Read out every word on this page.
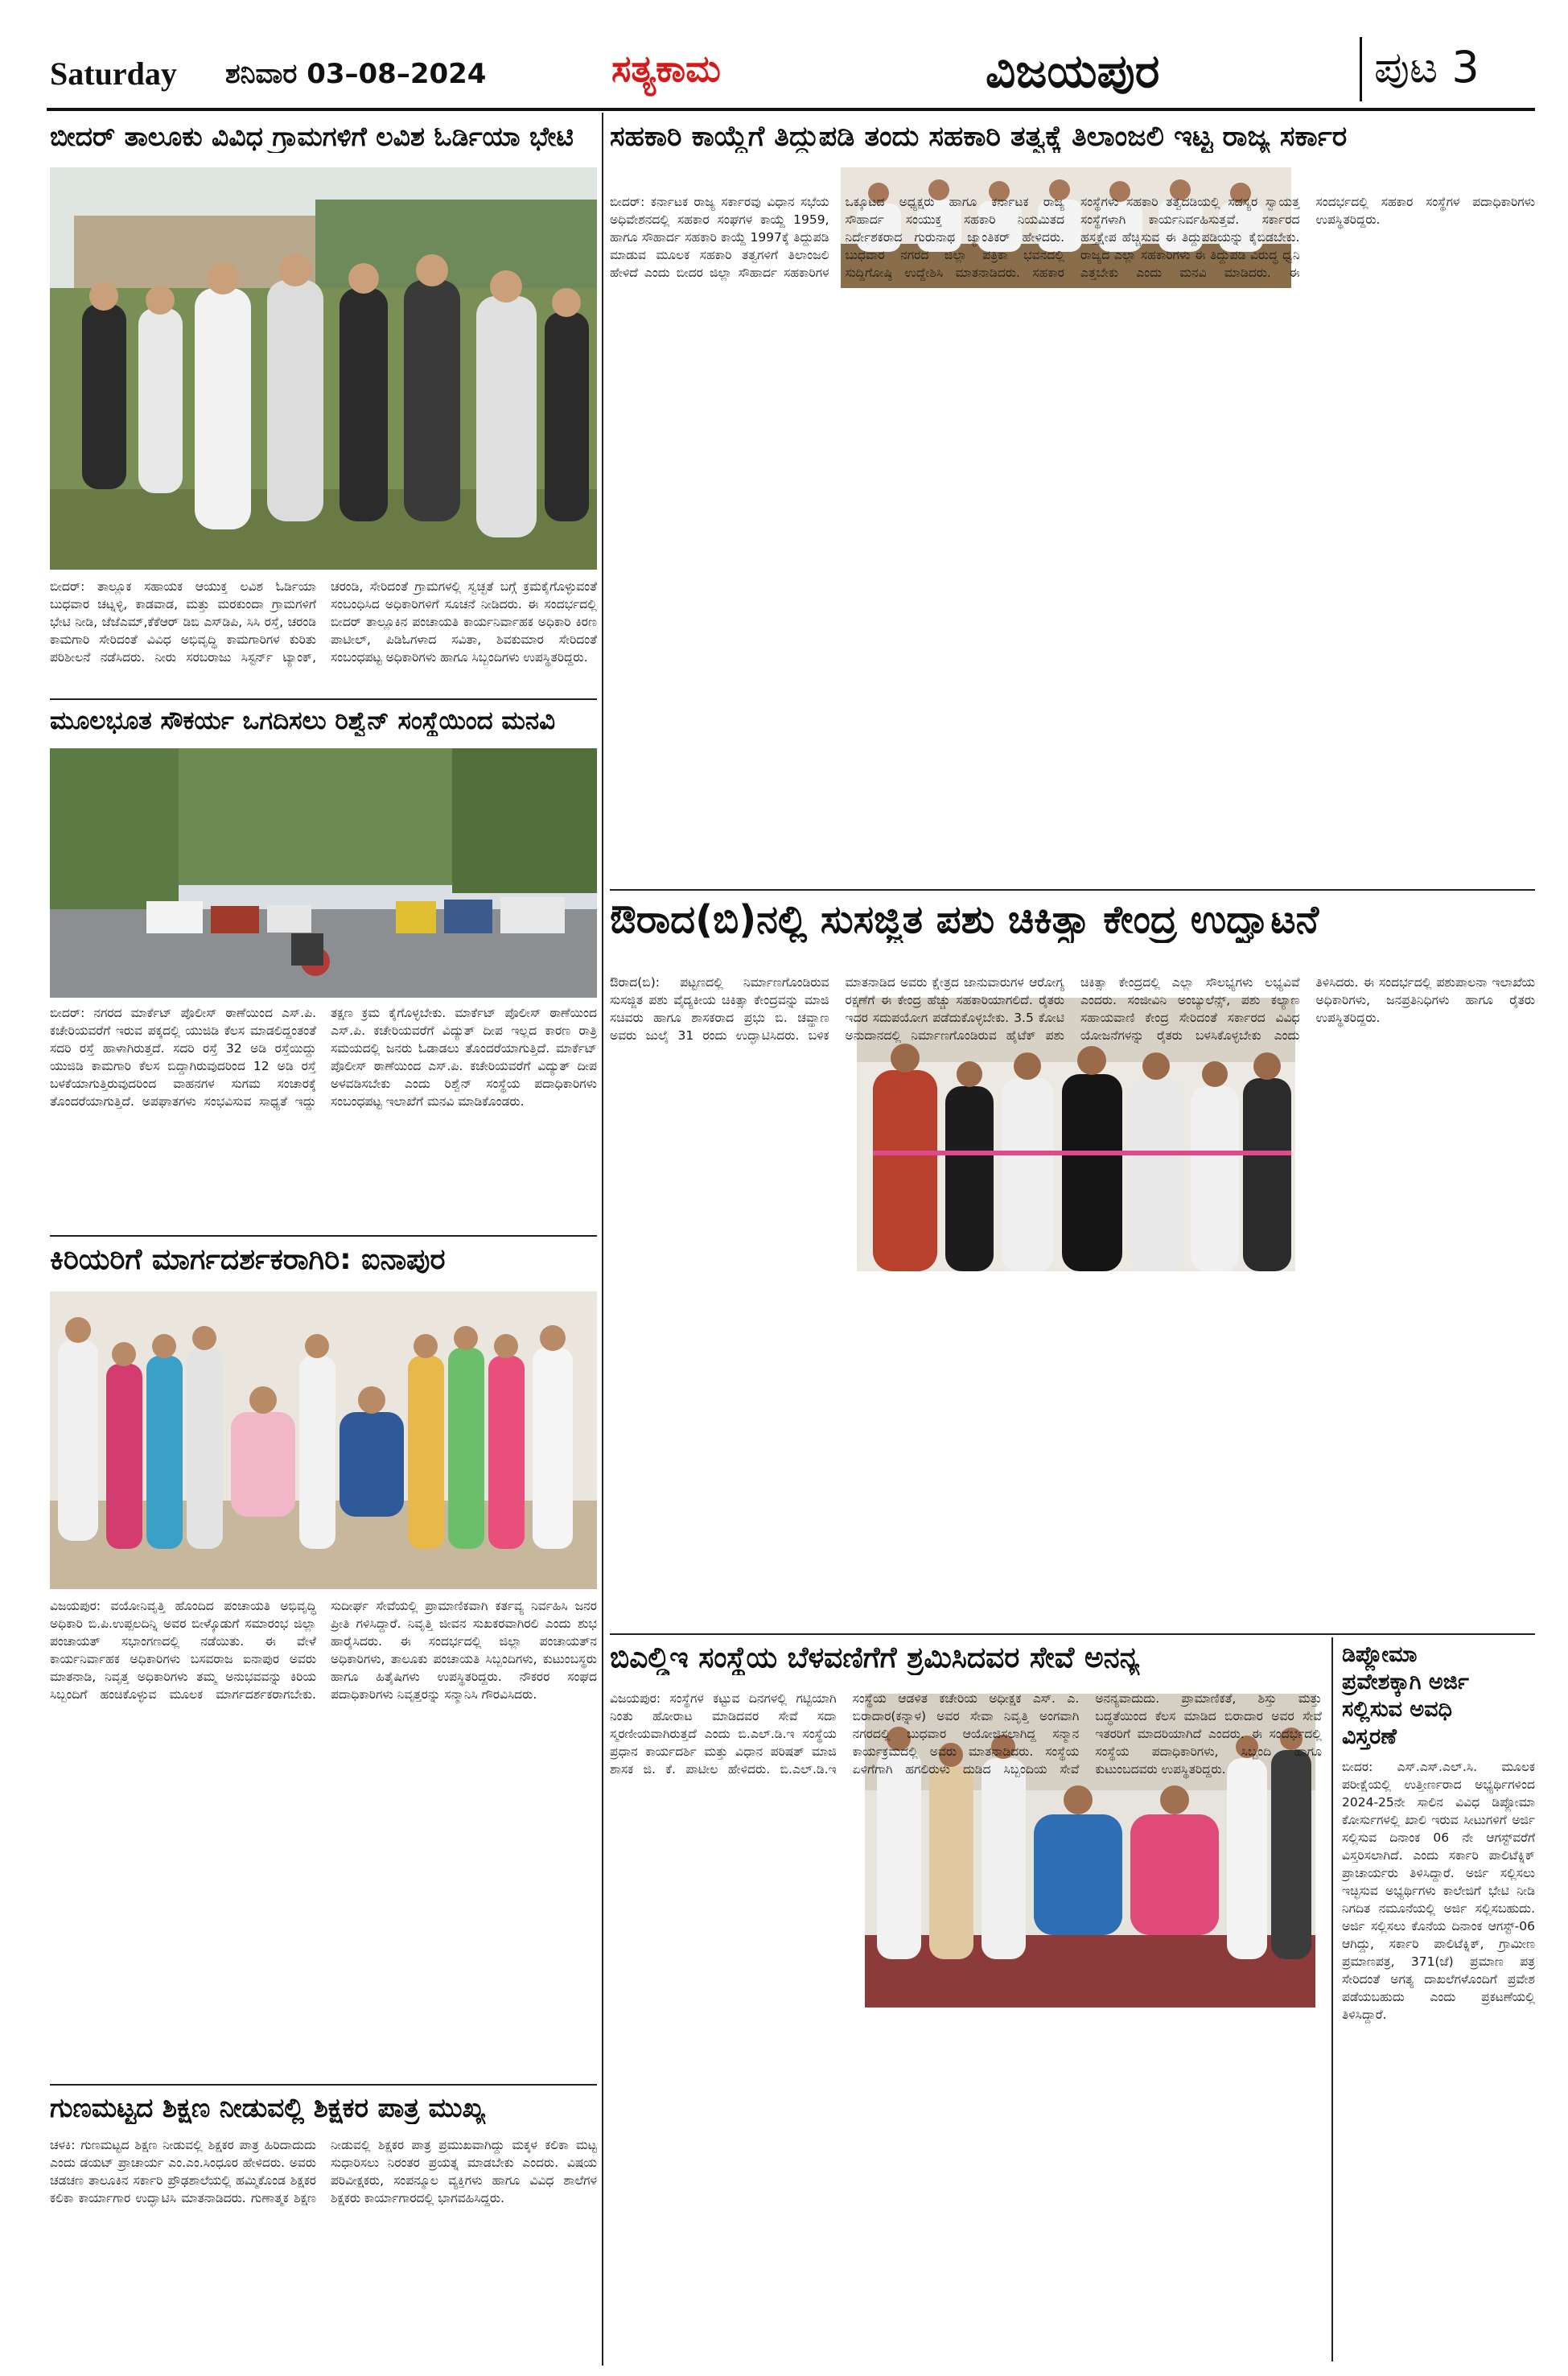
Saturday ಶನಿವಾರ 03–08–2024	ಸತ್ಯಕಾಮ	ವಿಜಯಪುರ	ಪುಟ 3
ಬೀದರ್ ತಾಲೂಕು ವಿವಿಧ ಗ್ರಾಮಗಳಿಗೆ ಲವಿಶ ಓರ್ಡಿಯಾ ಭೇಟಿ
ಬೀದರ್: ತಾಲ್ಲೂಕ ಸಹಾಯಕ ಆಯುಕ್ತ ಲವಿಶ ಓರ್ಡಿಯಾ ಬುಧವಾರ ಚಟ್ನಳ್ಳಿ, ಕಾಡವಾಡ, ಮತ್ತು ಮರಕುಂದಾ ಗ್ರಾಮಗಳಿಗೆ ಭೇಟಿ ನೀಡಿ, ಜೆಜೆಎಮ್,ಕೆಕೆಆರ್ ಡಿಬಿ ಎಸ್‌ಡಿಪಿ, ಸಿಸಿ ರಸ್ತೆ, ಚರಂಡಿ ಕಾಮಗಾರಿ ಸೇರಿದಂತೆ ವಿವಿಧ ಅಭಿವೃದ್ಧಿ ಕಾಮಗಾರಿಗಳ ಕುರಿತು ಪರಿಶೀಲನೆ ನಡೆಸಿದರು. ನೀರು ಸರಬರಾಜು ಸಿಸ್ಟರ್ನ್ ಟ್ಯಾಂಕ್, ಚರಂಡಿ, ಸೇರಿದಂತೆ ಗ್ರಾಮಗಳಲ್ಲಿ ಸ್ವಚ್ಛತೆ ಬಗ್ಗೆ ಕ್ರಮಕೈಗೊಳ್ಳುವಂತೆ ಸಂಬಂಧಿಸಿದ ಅಧಿಕಾರಿಗಳಿಗೆ ಸೂಚನೆ ನೀಡಿದರು. ಈ ಸಂದರ್ಭದಲ್ಲಿ ಬೀದರ್ ತಾಲ್ಲೂಕಿನ ಪಂಚಾಯತಿ ಕಾರ್ಯನಿರ್ವಾಹಕ ಅಧಿಕಾರಿ ಕಿರಣ ಪಾಟೀಲ್, ಪಿಡಿಓಗಳಾದ ಸವಿತಾ, ಶಿವಕುಮಾರ ಸೇರಿದಂತೆ ಸಂಬಂಧಪಟ್ಟ ಅಧಿಕಾರಿಗಳು ಹಾಗೂ ಸಿಬ್ಬಂದಿಗಳು ಉಪಸ್ಥಿತರಿದ್ದರು.
ಮೂಲಭೂತ ಸೌಕರ್ಯ ಒಗದಿಸಲು ರಿಶ್ವೆನ್ ಸಂಸ್ಥೆಯಿಂದ ಮನವಿ
ಬೀದರ್: ನಗರದ ಮಾರ್ಕೆಟ್ ಪೊಲೀಸ್ ಠಾಣೆಯಿಂದ ಎಸ್.ಪಿ. ಕಚೇರಿಯವರೆಗೆ ಇರುವ ಪಕ್ಕದಲ್ಲಿ ಯುಜಿಡಿ ಕೆಲಸ ಮಾಡಲಿದ್ದಂತಂತೆ ಸದರಿ ರಸ್ತೆ ಹಾಳಾಗಿರುತ್ತದೆ. ಸದರಿ ರಸ್ತೆ 32 ಅಡಿ ರಸ್ತೆಯಿದ್ದು ಯುಜಿಡಿ ಕಾಮಗಾರಿ ಕೆಲಸ ಬಿದ್ದಾಗಿರುವುದರಿಂದ 12 ಅಡಿ ರಸ್ತೆ ಬಳಕೆಯಾಗುತ್ತಿರುವುದರಿಂದ ವಾಹನಗಳ ಸುಗಮ ಸಂಚಾರಕ್ಕೆ ತೊಂದರೆಯಾಗುತ್ತಿದೆ. ಅಪಘಾತಗಳು ಸಂಭವಿಸುವ ಸಾಧ್ಯತೆ ಇದ್ದು ತಕ್ಷಣ ಕ್ರಮ ಕೈಗೊಳ್ಳಬೇಕು. ಮಾರ್ಕೆಟ್ ಪೊಲೀಸ್ ಠಾಣೆಯಿಂದ ಎಸ್.ಪಿ. ಕಚೇರಿಯವರೆಗೆ ವಿದ್ಯುತ್ ದೀಪ ಇಲ್ಲದ ಕಾರಣ ರಾತ್ರಿ ಸಮಯದಲ್ಲಿ ಜನರು ಓಡಾಡಲು ತೊಂದರೆಯಾಗುತ್ತಿದೆ. ಮಾರ್ಕೆಟ್ ಪೊಲೀಸ್ ಠಾಣೆಯಿಂದ ಎಸ್.ಪಿ. ಕಚೇರಿಯವರೆಗೆ ವಿದ್ಯುತ್ ದೀಪ ಅಳವಡಿಸಬೇಕು ಎಂದು ರಿಶ್ವೆನ್ ಸಂಸ್ಥೆಯ ಪದಾಧಿಕಾರಿಗಳು ಸಂಬಂಧಪಟ್ಟ ಇಲಾಖೆಗೆ ಮನವಿ ಮಾಡಿಕೊಂಡರು.
ಕಿರಿಯರಿಗೆ ಮಾರ್ಗದರ್ಶಕರಾಗಿರಿ: ಐನಾಪುರ
ವಿಜಯಪುರ: ವಯೋನಿವೃತ್ತಿ ಹೊಂದಿದ ಪಂಚಾಯತಿ ಅಭಿವೃದ್ಧಿ ಅಧಿಕಾರಿ ಬಿ.ಪಿ.ಉಪ್ಪಲದಿನ್ನಿ ಅವರ ಬೀಳ್ಕೊಡುಗೆ ಸಮಾರಂಭ ಜಿಲ್ಲಾ ಪಂಚಾಯತ್ ಸಭಾಂಗಣದಲ್ಲಿ ನಡೆಯಿತು. ಈ ವೇಳೆ ಕಾರ್ಯನಿರ್ವಾಹಕ ಅಧಿಕಾರಿಗಳು ಬಸವರಾಜ ಐನಾಪುರ ಅವರು ಮಾತನಾಡಿ, ನಿವೃತ್ತ ಅಧಿಕಾರಿಗಳು ತಮ್ಮ ಅನುಭವವನ್ನು ಕಿರಿಯ ಸಿಬ್ಬಂದಿಗೆ ಹಂಚಿಕೊಳ್ಳುವ ಮೂಲಕ ಮಾರ್ಗದರ್ಶಕರಾಗಬೇಕು. ಸುದೀರ್ಘ ಸೇವೆಯಲ್ಲಿ ಪ್ರಾಮಾಣಿಕವಾಗಿ ಕರ್ತವ್ಯ ನಿರ್ವಹಿಸಿ ಜನರ ಪ್ರೀತಿ ಗಳಿಸಿದ್ದಾರೆ. ನಿವೃತ್ತಿ ಜೀವನ ಸುಖಕರವಾಗಿರಲಿ ಎಂದು ಶುಭ ಹಾರೈಸಿದರು. ಈ ಸಂದರ್ಭದಲ್ಲಿ ಜಿಲ್ಲಾ ಪಂಚಾಯತ್‌ನ ಅಧಿಕಾರಿಗಳು, ತಾಲೂಕು ಪಂಚಾಯತಿ ಸಿಬ್ಬಂದಿಗಳು, ಕುಟುಂಬಸ್ಥರು ಹಾಗೂ ಹಿತೈಷಿಗಳು ಉಪಸ್ಥಿತರಿದ್ದರು. ನೌಕರರ ಸಂಘದ ಪದಾಧಿಕಾರಿಗಳು ನಿವೃತ್ತರನ್ನು ಸನ್ಮಾನಿಸಿ ಗೌರವಿಸಿದರು.
ಗುಣಮಟ್ಟದ ಶಿಕ್ಷಣ ನೀಡುವಲ್ಲಿ ಶಿಕ್ಷಕರ ಪಾತ್ರ ಮುಖ್ಯ
ಚಳಕಿ: ಗುಣಮಟ್ಟದ ಶಿಕ್ಷಣ ನೀಡುವಲ್ಲಿ ಶಿಕ್ಷಕರ ಪಾತ್ರ ಹಿರಿದಾದುದು ಎಂದು ಡಯಟ್ ಪ್ರಾಚಾರ್ಯ ಎಂ.ಎಂ.ಸಿಂಧೂರ ಹೇಳಿದರು. ಅವರು ಚಡಚಣ ತಾಲೂಕಿನ ಸರ್ಕಾರಿ ಪ್ರೌಢಶಾಲೆಯಲ್ಲಿ ಹಮ್ಮಿಕೊಂಡ ಶಿಕ್ಷಕರ ಕಲಿಕಾ ಕಾರ್ಯಾಗಾರ ಉದ್ಘಾಟಿಸಿ ಮಾತನಾಡಿದರು. ಗುಣಾತ್ಮಕ ಶಿಕ್ಷಣ ನೀಡುವಲ್ಲಿ ಶಿಕ್ಷಕರ ಪಾತ್ರ ಪ್ರಮುಖವಾಗಿದ್ದು ಮಕ್ಕಳ ಕಲಿಕಾ ಮಟ್ಟ ಸುಧಾರಿಸಲು ನಿರಂತರ ಪ್ರಯತ್ನ ಮಾಡಬೇಕು ಎಂದರು. ವಿಷಯ ಪರಿವೀಕ್ಷಕರು, ಸಂಪನ್ಮೂಲ ವ್ಯಕ್ತಿಗಳು ಹಾಗೂ ವಿವಿಧ ಶಾಲೆಗಳ ಶಿಕ್ಷಕರು ಕಾರ್ಯಾಗಾರದಲ್ಲಿ ಭಾಗವಹಿಸಿದ್ದರು.
ಸಹಕಾರಿ ಕಾಯ್ದೆಗೆ ತಿದ್ದುಪಡಿ ತಂದು ಸಹಕಾರಿ ತತ್ವಕ್ಕೆ ತಿಲಾಂಜಲಿ ಇಟ್ಟ ರಾಜ್ಯ ಸರ್ಕಾರ
ಬೀದರ್: ಕರ್ನಾಟಕ ರಾಜ್ಯ ಸರ್ಕಾರವು ವಿಧಾನ ಸಭೆಯ ಅಧಿವೇಶನದಲ್ಲಿ ಸಹಕಾರ ಸಂಘಗಳ ಕಾಯ್ದೆ 1959, ಹಾಗೂ ಸೌಹಾರ್ದ ಸಹಕಾರಿ ಕಾಯ್ದೆ 1997ಕ್ಕೆ ತಿದ್ದುಪಡಿ ಮಾಡುವ ಮೂಲಕ ಸಹಕಾರಿ ತತ್ವಗಳಿಗೆ ತಿಲಾಂಜಲಿ ಹೇಳಿದೆ ಎಂದು ಬೀದರ ಜಿಲ್ಲಾ ಸೌಹಾರ್ದ ಸಹಕಾರಿಗಳ ಒಕ್ಕೂಟದ ಅಧ್ಯಕ್ಷರು ಹಾಗೂ ಕರ್ನಾಟಕ ರಾಜ್ಯ ಸೌಹಾರ್ದ ಸಂಯುಕ್ತ ಸಹಕಾರಿ ನಿಯಮಿತದ ನಿರ್ದೇಶಕರಾದ ಗುರುನಾಥ ಜ್ಯಾಂತಿಕರ್ ಹೇಳಿದರು. ಬುಧವಾರ ನಗರದ ಜಿಲ್ಲಾ ಪತ್ರಿಕಾ ಭವನದಲ್ಲಿ ಸುದ್ದಿಗೋಷ್ಠಿ ಉದ್ದೇಶಿಸಿ ಮಾತನಾಡಿದರು. ಸಹಕಾರ ಸಂಸ್ಥೆಗಳು ಸಹಕಾರಿ ತತ್ವದಡಿಯಲ್ಲಿ ಸದಸ್ಯರ ಸ್ವಾಯತ್ತ ಸಂಸ್ಥೆಗಳಾಗಿ ಕಾರ್ಯನಿರ್ವಹಿಸುತ್ತವೆ. ಸರ್ಕಾರದ ಹಸ್ತಕ್ಷೇಪ ಹೆಚ್ಚಿಸುವ ಈ ತಿದ್ದುಪಡಿಯನ್ನು ಕೈಬಿಡಬೇಕು. ರಾಜ್ಯದ ಎಲ್ಲಾ ಸಹಕಾರಿಗಳು ಈ ತಿದ್ದುಪಡಿ ವಿರುದ್ಧ ಧ್ವನಿ ಎತ್ತಬೇಕು ಎಂದು ಮನವಿ ಮಾಡಿದರು. ಈ ಸಂದರ್ಭದಲ್ಲಿ ಸಹಕಾರ ಸಂಸ್ಥೆಗಳ ಪದಾಧಿಕಾರಿಗಳು ಉಪಸ್ಥಿತರಿದ್ದರು.
ಔರಾದ(ಬಿ)ನಲ್ಲಿ ಸುಸಜ್ಜಿತ ಪಶು ಚಿಕಿತ್ಸಾ ಕೇಂದ್ರ ಉದ್ಘಾಟನೆ
ಔರಾದ(ಬಿ): ಪಟ್ಟಣದಲ್ಲಿ ನಿರ್ಮಾಣಗೊಂಡಿರುವ ಸುಸಜ್ಜಿತ ಪಶು ವೈದ್ಯಕೀಯ ಚಿಕಿತ್ಸಾ ಕೇಂದ್ರವನ್ನು ಮಾಜಿ ಸಚಿವರು ಹಾಗೂ ಶಾಸಕರಾದ ಪ್ರಭು ಬಿ. ಚವ್ಹಾಣ ಅವರು ಜುಲೈ 31 ರಂದು ಉದ್ಘಾಟಿಸಿದರು. ಬಳಿಕ ಮಾತನಾಡಿದ ಅವರು ಕ್ಷೇತ್ರದ ಜಾನುವಾರುಗಳ ಆರೋಗ್ಯ ರಕ್ಷಣೆಗೆ ಈ ಕೇಂದ್ರ ಹೆಚ್ಚು ಸಹಕಾರಿಯಾಗಲಿದೆ. ರೈತರು ಇದರ ಸದುಪಯೋಗ ಪಡೆದುಕೊಳ್ಳಬೇಕು. 3.5 ಕೋಟಿ ಅನುದಾನದಲ್ಲಿ ನಿರ್ಮಾಣಗೊಂಡಿರುವ ಹೈಟೆಕ್ ಪಶು ಚಿಕಿತ್ಸಾ ಕೇಂದ್ರದಲ್ಲಿ ಎಲ್ಲಾ ಸೌಲಭ್ಯಗಳು ಲಭ್ಯವಿವೆ ಎಂದರು. ಸಂಜೀವಿನಿ ಅಂಬ್ಯುಲೆನ್ಸ್, ಪಶು ಕಲ್ಯಾಣ ಸಹಾಯವಾಣಿ ಕೇಂದ್ರ ಸೇರಿದಂತೆ ಸರ್ಕಾರದ ವಿವಿಧ ಯೋಜನೆಗಳನ್ನು ರೈತರು ಬಳಸಿಕೊಳ್ಳಬೇಕು ಎಂದು ತಿಳಿಸಿದರು. ಈ ಸಂದರ್ಭದಲ್ಲಿ ಪಶುಪಾಲನಾ ಇಲಾಖೆಯ ಅಧಿಕಾರಿಗಳು, ಜನಪ್ರತಿನಿಧಿಗಳು ಹಾಗೂ ರೈತರು ಉಪಸ್ಥಿತರಿದ್ದರು.
ಬಿಎಲ್ಡಿಇ ಸಂಸ್ಥೆಯ ಬೆಳವಣಿಗೆಗೆ ಶ್ರಮಿಸಿದವರ ಸೇವೆ ಅನನ್ಯ
ವಿಜಯಪುರ: ಸಂಸ್ಥೆಗಳ ಕಟ್ಟುವ ದಿನಗಳಲ್ಲಿ ಗಟ್ಟಿಯಾಗಿ ನಿಂತು ಹೋರಾಟ ಮಾಡಿದವರ ಸೇವೆ ಸದಾ ಸ್ಮರಣೀಯವಾಗಿರುತ್ತದೆ ಎಂದು ಬಿ.ಎಲ್.ಡಿ.ಇ ಸಂಸ್ಥೆಯ ಪ್ರಧಾನ ಕಾರ್ಯದರ್ಶಿ ಮತ್ತು ವಿಧಾನ ಪರಿಷತ್ ಮಾಜಿ ಶಾಸಕ ಜಿ. ಕೆ. ಪಾಟೀಲ ಹೇಳಿದರು. ಬಿ.ಎಲ್.ಡಿ.ಇ ಸಂಸ್ಥೆಯ ಆಡಳಿತ ಕಚೇರಿಯ ಅಧೀಕ್ಷಕ ಎಸ್. ಎ. ಬಿರಾದಾರ(ಕನ್ನಾಳ) ಅವರ ಸೇವಾ ನಿವೃತ್ತಿ ಅಂಗವಾಗಿ ನಗರದಲ್ಲಿ ಬುಧವಾರ ಆಯೋಜಿಸಲಾಗಿದ್ದ ಸನ್ಮಾನ ಕಾರ್ಯಕ್ರಮದಲ್ಲಿ ಅವರು ಮಾತನಾಡಿದರು. ಸಂಸ್ಥೆಯ ಏಳಿಗೆಗಾಗಿ ಹಗಲಿರುಳು ದುಡಿದ ಸಿಬ್ಬಂದಿಯ ಸೇವೆ ಅನನ್ಯವಾದುದು. ಪ್ರಾಮಾಣಿಕತೆ, ಶಿಸ್ತು ಮತ್ತು ಬದ್ಧತೆಯಿಂದ ಕೆಲಸ ಮಾಡಿದ ಬಿರಾದಾರ ಅವರ ಸೇವೆ ಇತರರಿಗೆ ಮಾದರಿಯಾಗಿದೆ ಎಂದರು. ಈ ಸಂದರ್ಭದಲ್ಲಿ ಸಂಸ್ಥೆಯ ಪದಾಧಿಕಾರಿಗಳು, ಸಿಬ್ಬಂದಿ ಹಾಗೂ ಕುಟುಂಬದವರು ಉಪಸ್ಥಿತರಿದ್ದರು.
ಡಿಪ್ಲೋಮಾ
ಪ್ರವೇಶಕ್ಕಾಗಿ ಅರ್ಜಿ
ಸಲ್ಲಿಸುವ ಅವಧಿ
ವಿಸ್ತರಣೆ
ಬೀದರ: ಎಸ್.ಎಸ್.ಎಲ್.ಸಿ. ಮೂಲಕ ಪರೀಕ್ಷೆಯಲ್ಲಿ ಉತ್ತೀರ್ಣರಾದ ಅಭ್ಯರ್ಥಿಗಳಿಂದ 2024-25ನೇ ಸಾಲಿನ ವಿವಿಧ ಡಿಪ್ಲೋಮಾ ಕೋರ್ಸುಗಳಲ್ಲಿ ಖಾಲಿ ಇರುವ ಸೀಟುಗಳಿಗೆ ಅರ್ಜಿ ಸಲ್ಲಿಸುವ ದಿನಾಂಕ 06 ನೇ ಆಗಸ್ಟ್‌ವರೆಗೆ ವಿಸ್ತರಿಸಲಾಗಿದೆ. ಎಂದು ಸರ್ಕಾರಿ ಪಾಲಿಟೆಕ್ನಿಕ್ ಪ್ರಾಚಾರ್ಯರು ತಿಳಿಸಿದ್ದಾರೆ. ಅರ್ಜಿ ಸಲ್ಲಿಸಲು ಇಚ್ಛಿಸುವ ಅಭ್ಯರ್ಥಿಗಳು ಕಾಲೇಜಿಗೆ ಭೇಟಿ ನೀಡಿ ನಿಗದಿತ ನಮೂನೆಯಲ್ಲಿ ಅರ್ಜಿ ಸಲ್ಲಿಸಬಹುದು. ಅರ್ಜಿ ಸಲ್ಲಿಸಲು ಕೊನೆಯ ದಿನಾಂಕ ಆಗಸ್ಟ್-06 ಆಗಿದ್ದು, ಸರ್ಕಾರಿ ಪಾಲಿಟೆಕ್ನಿಕ್, ಗ್ರಾಮೀಣ ಪ್ರಮಾಣಪತ್ರ, 371(ಜೆ) ಪ್ರಮಾಣ ಪತ್ರ ಸೇರಿದಂತೆ ಅಗತ್ಯ ದಾಖಲೆಗಳೊಂದಿಗೆ ಪ್ರವೇಶ ಪಡೆಯಬಹುದು ಎಂದು ಪ್ರಕಟಣೆಯಲ್ಲಿ ತಿಳಿಸಿದ್ದಾರೆ.
